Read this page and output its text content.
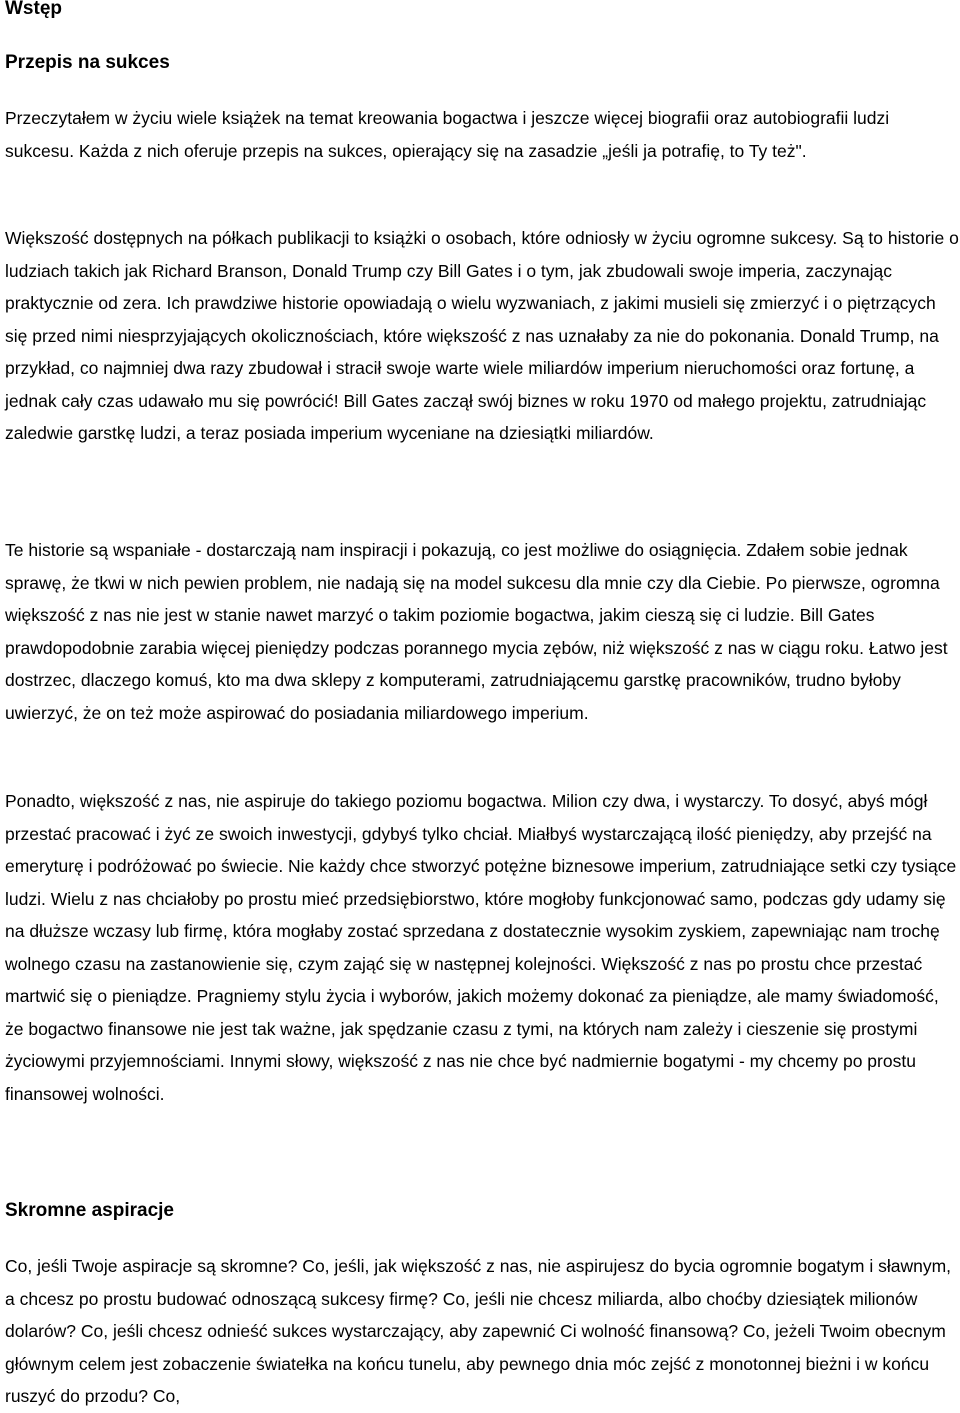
Wstęp
Przepis na sukces

Przeczytałem w życiu wiele książek na temat kreowania bogactwa i jeszcze więcej biografii oraz autobiografii ludzi sukcesu. Każda z nich oferuje przepis na sukces, opierający się na zasadzie „jeśli ja potrafię, to Ty też".

Większość dostępnych na półkach publikacji to książki o osobach, które odniosły w życiu ogromne sukcesy. Są to historie o ludziach takich jak Richard Branson, Donald Trump czy Bill Gates i o tym, jak zbudowali swoje imperia, zaczynając praktycznie od zera. Ich prawdziwe historie opowiadają o wielu wyzwaniach, z jakimi musieli się zmierzyć i o piętrzących się przed nimi niesprzyjających okolicznościach, które większość z nas uznałaby za nie do pokonania. Donald Trump, na przykład, co najmniej dwa razy zbudował i stracił swoje warte wiele miliardów imperium nieruchomości oraz fortunę, a jednak cały czas udawało mu się powrócić! Bill Gates zaczął swój biznes w roku 1970 od małego projektu, zatrudniając zaledwie garstkę ludzi, a teraz posiada imperium wyceniane na dziesiątki miliardów.

Te historie są wspaniałe - dostarczają nam inspiracji i pokazują, co jest możliwe do osiągnięcia. Zdałem sobie jednak sprawę, że tkwi w nich pewien problem, nie nadają się na model sukcesu dla mnie czy dla Ciebie. Po pierwsze, ogromna większość z nas nie jest w stanie nawet marzyć o takim poziomie bogactwa, jakim cieszą się ci ludzie. Bill Gates prawdopodobnie zarabia więcej pieniędzy podczas porannego mycia zębów, niż większość z nas w ciągu roku. Łatwo jest dostrzec, dlaczego komuś, kto ma dwa sklepy z komputerami, zatrudniającemu garstkę pracowników, trudno byłoby uwierzyć, że on też może aspirować do posiadania miliardowego imperium.

Ponadto, większość z nas, nie aspiruje do takiego poziomu bogactwa. Milion czy dwa, i wystarczy. To dosyć, abyś mógł przestać pracować i żyć ze swoich inwestycji, gdybyś tylko chciał. Miałbyś wystarczającą ilość pieniędzy, aby przejść na emeryturę i podróżować po świecie. Nie każdy chce stworzyć potężne biznesowe imperium, zatrudniające setki czy tysiące ludzi. Wielu z nas chciałoby po prostu mieć przedsiębiorstwo, które mogłoby funkcjonować samo, podczas gdy udamy się na dłuższe wczasy lub firmę, która mogłaby zostać sprzedana z dostatecznie wysokim zyskiem, zapewniając nam trochę wolnego czasu na zastanowienie się, czym zająć się w następnej kolejności. Większość z nas po prostu chce przestać martwić się o pieniądze. Pragniemy stylu życia i wyborów, jakich możemy dokonać za pieniądze, ale mamy świadomość, że bogactwo finansowe nie jest tak ważne, jak spędzanie czasu z tymi, na których nam zależy i cieszenie się prostymi życiowymi przyjemnościami. Innymi słowy, większość z nas nie chce być nadmiernie bogatymi - my chcemy po prostu finansowej wolności.

Skromne aspiracje

Co, jeśli Twoje aspiracje są skromne? Co, jeśli, jak większość z nas, nie aspirujesz do bycia ogromnie bogatym i sławnym, a chcesz po prostu budować odnoszącą sukcesy firmę? Co, jeśli nie chcesz miliarda, albo choćby dziesiątek milionów dolarów? Co, jeśli chcesz odnieść sukces wystarczający, aby zapewnić Ci wolność finansową? Co, jeżeli Twoim obecnym głównym celem jest zobaczenie światełka na końcu tunelu, aby pewnego dnia móc zejść z monotonnej bieżni i w końcu ruszyć do przodu? Co,
